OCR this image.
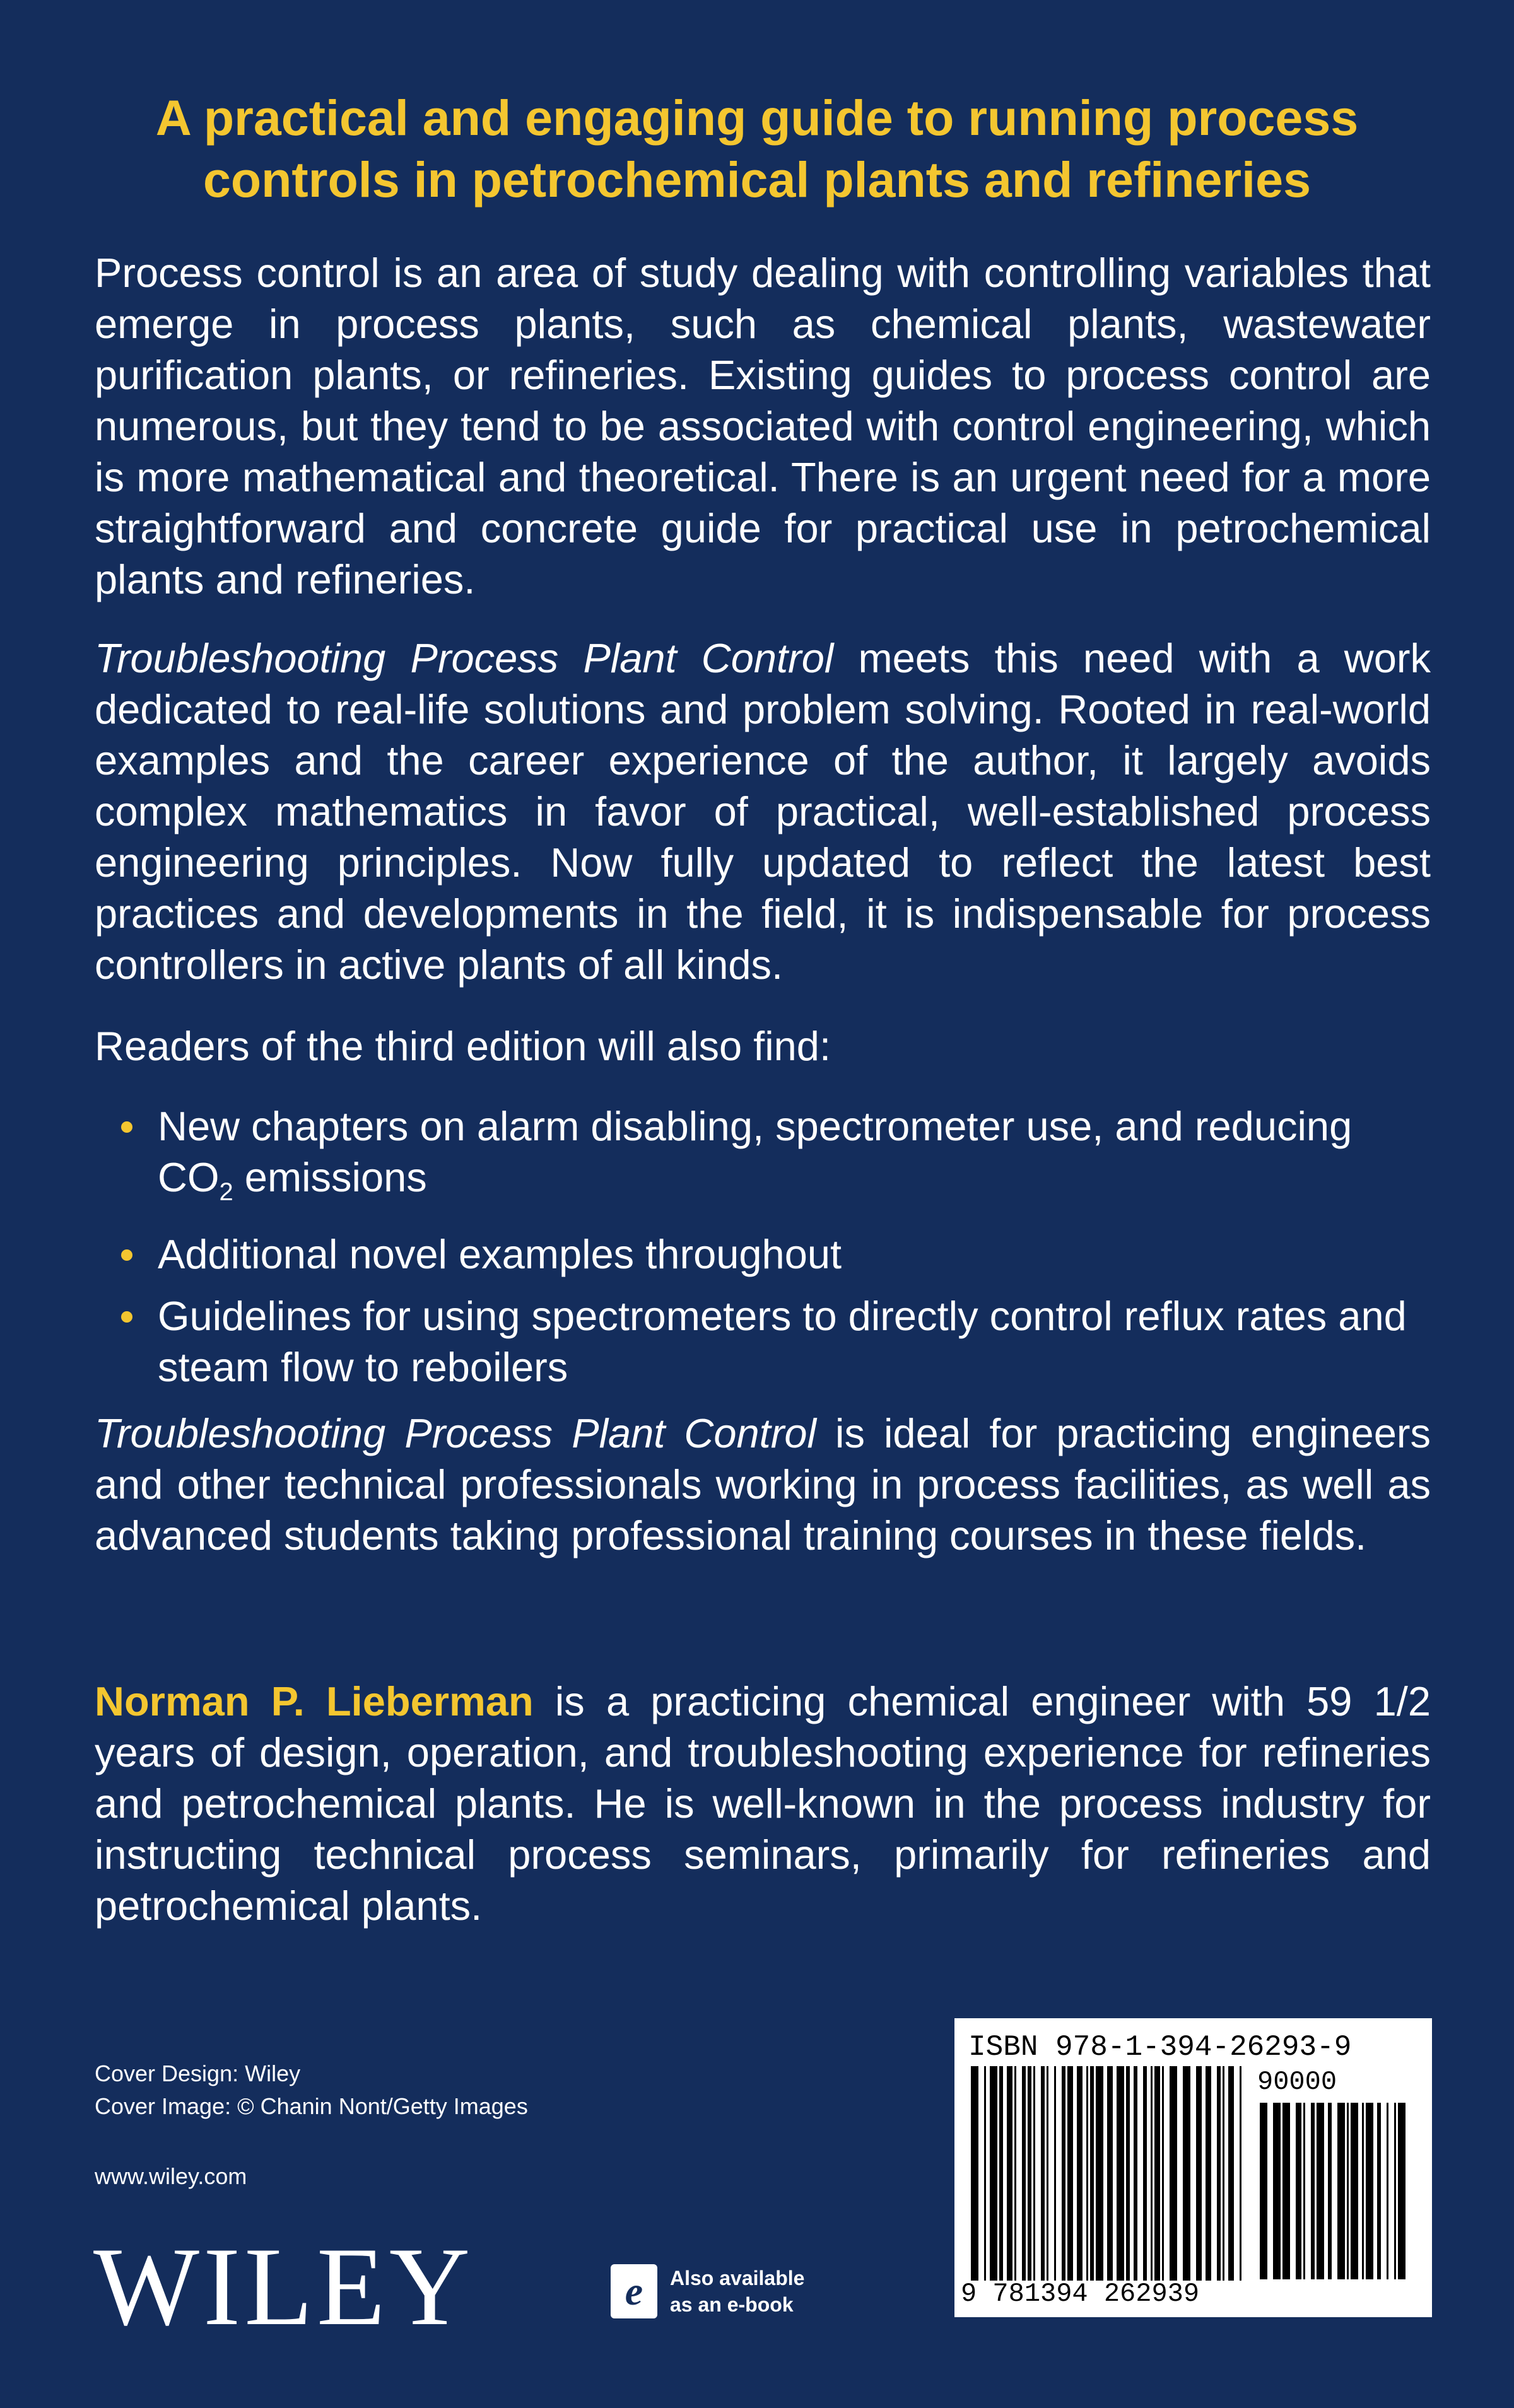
A practical and engaging guide to running process
controls in petrochemical plants and refineries
Process control is an area of study dealing with controlling variables that emerge in process plants, such as chemical plants, wastewater purification plants, or refineries. Existing guides to process control are numerous, but they tend to be associated with control engineering, which is more mathematical and theoretical. There is an urgent need for a more straightforward and concrete guide for practical use in petrochemical plants and refineries.
Troubleshooting Process Plant Control meets this need with a work dedicated to real-life solutions and problem solving. Rooted in real-world examples and the career experience of the author, it largely avoids complex mathematics in favor of practical, well-established process engineering principles. Now fully updated to reflect the latest best practices and developments in the field, it is indispensable for process controllers in active plants of all kinds.
Readers of the third edition will also find:
New chapters on alarm disabling, spectrometer use, and reducing $CO_2$ emissions
Additional novel examples throughout
Guidelines for using spectrometers to directly control reflux rates and steam flow to reboilers
Troubleshooting Process Plant Control is ideal for practicing engineers and other technical professionals working in process facilities, as well as advanced students taking professional training courses in these fields.
Norman P. Lieberman is a practicing chemical engineer with 59 1/2 years of design, operation, and troubleshooting experience for refineries and petrochemical plants. He is well-known in the process industry for instructing technical process seminars, primarily for refineries and petrochemical plants.
Cover Design: Wiley
Cover Image: © Chanin Nont/Getty Images
www.wiley.com
WILEY	e	Also available
as an e-book
ISBN 978-1-394-26293-9
90000
9 781394 262939
